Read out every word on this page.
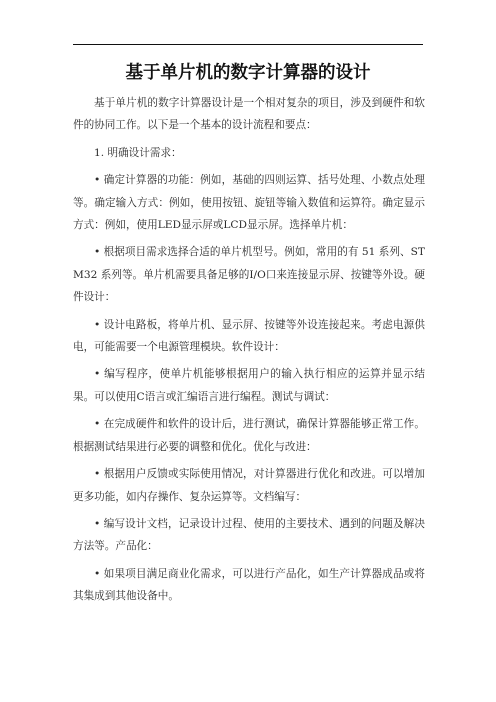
基于单片机的数字计算器的设计

基于单片机的数字计算器设计是一个相对复杂的项目，涉及到硬件和软件的协同工作。以下是一个基本的设计流程和要点：

1. 明确设计需求：

• 确定计算器的功能：例如，基础的四则运算、括号处理、小数点处理等。确定输入方式：例如，使用按钮、旋钮等输入数值和运算符。确定显示方式：例如，使用LED显示屏或LCD显示屏。选择单片机：

• 根据项目需求选择合适的单片机型号。例如，常用的有 51 系列、STM32 系列等。单片机需要具备足够的I/O口来连接显示屏、按键等外设。硬件设计：

• 设计电路板，将单片机、显示屏、按键等外设连接起来。考虑电源供电，可能需要一个电源管理模块。软件设计：

• 编写程序，使单片机能够根据用户的输入执行相应的运算并显示结果。可以使用C语言或汇编语言进行编程。测试与调试：

• 在完成硬件和软件的设计后，进行测试，确保计算器能够正常工作。根据测试结果进行必要的调整和优化。优化与改进：

• 根据用户反馈或实际使用情况，对计算器进行优化和改进。可以增加更多功能，如内存操作、复杂运算等。文档编写：

• 编写设计文档，记录设计过程、使用的主要技术、遇到的问题及解决方法等。产品化：

• 如果项目满足商业化需求，可以进行产品化，如生产计算器成品或将其集成到其他设备中。
